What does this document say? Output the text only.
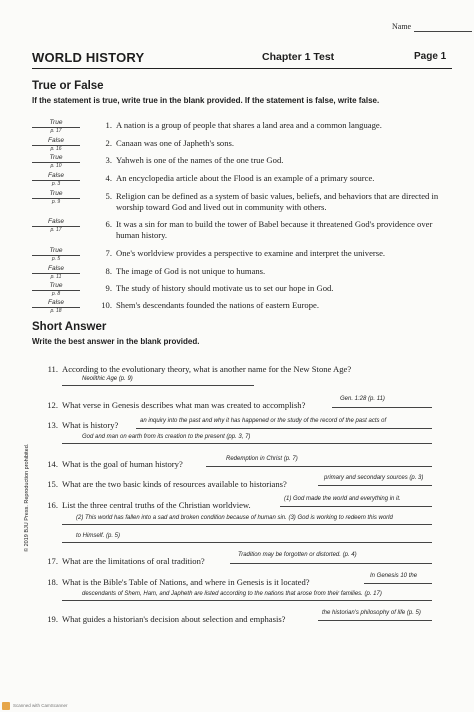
Name
WORLD HISTORY	Chapter 1 Test	Page 1
True or False
If the statement is true, write true in the blank provided. If the statement is false, write false.
True
p. 17
1. A nation is a group of people that shares a land area and a common language.
False
p. 16
2. Canaan was one of Japheth's sons.
True
p. 10
3. Yahweh is one of the names of the one true God.
False
p. 3
4. An encyclopedia article about the Flood is an example of a primary source.
True
p. 9
5. Religion can be defined as a system of basic values, beliefs, and behaviors that are directed in worship toward God and lived out in community with others.
False
p. 17
6. It was a sin for man to build the tower of Babel because it threatened God's providence over human history.
True
p. 5
7. One's worldview provides a perspective to examine and interpret the universe.
False
p. 11
8. The image of God is not unique to humans.
True
p. 8
9. The study of history should motivate us to set our hope in God.
False
p. 18
10. Shem's descendants founded the nations of eastern Europe.
Short Answer
Write the best answer in the blank provided.
11. According to the evolutionary theory, what is another name for the New Stone Age?
Neolithic Age (p. 9)
12. What verse in Genesis describes what man was created to accomplish?
Gen. 1:28 (p. 11)
13. What is history?	an inquiry into the past and why it has happened or the study of the record of the past acts of
God and man on earth from its creation to the present (pp. 3, 7)
14. What is the goal of human history?	Redemption in Christ (p. 7)
15. What are the two basic kinds of resources available to historians?
primary and secondary sources (p. 3)
16. List the three central truths of the Christian worldview.
(1) God made the world and everything in it.
(2) This world has fallen into a sad and broken condition because of human sin. (3) God is working to redeem this world
to Himself. (p. 5)
17. What are the limitations of oral tradition?
Tradition may be forgotten or distorted. (p. 4)
18. What is the Bible's Table of Nations, and where in Genesis is it located?
In Genesis 10 the
descendants of Shem, Ham, and Japheth are listed according to the nations that arose from their families. (p. 17)
19. What guides a historian's decision about selection and emphasis?
the historian's philosophy of life (p. 5)
© 2019 BJU Press. Reproduction prohibited.
Scanned with CamScanner
